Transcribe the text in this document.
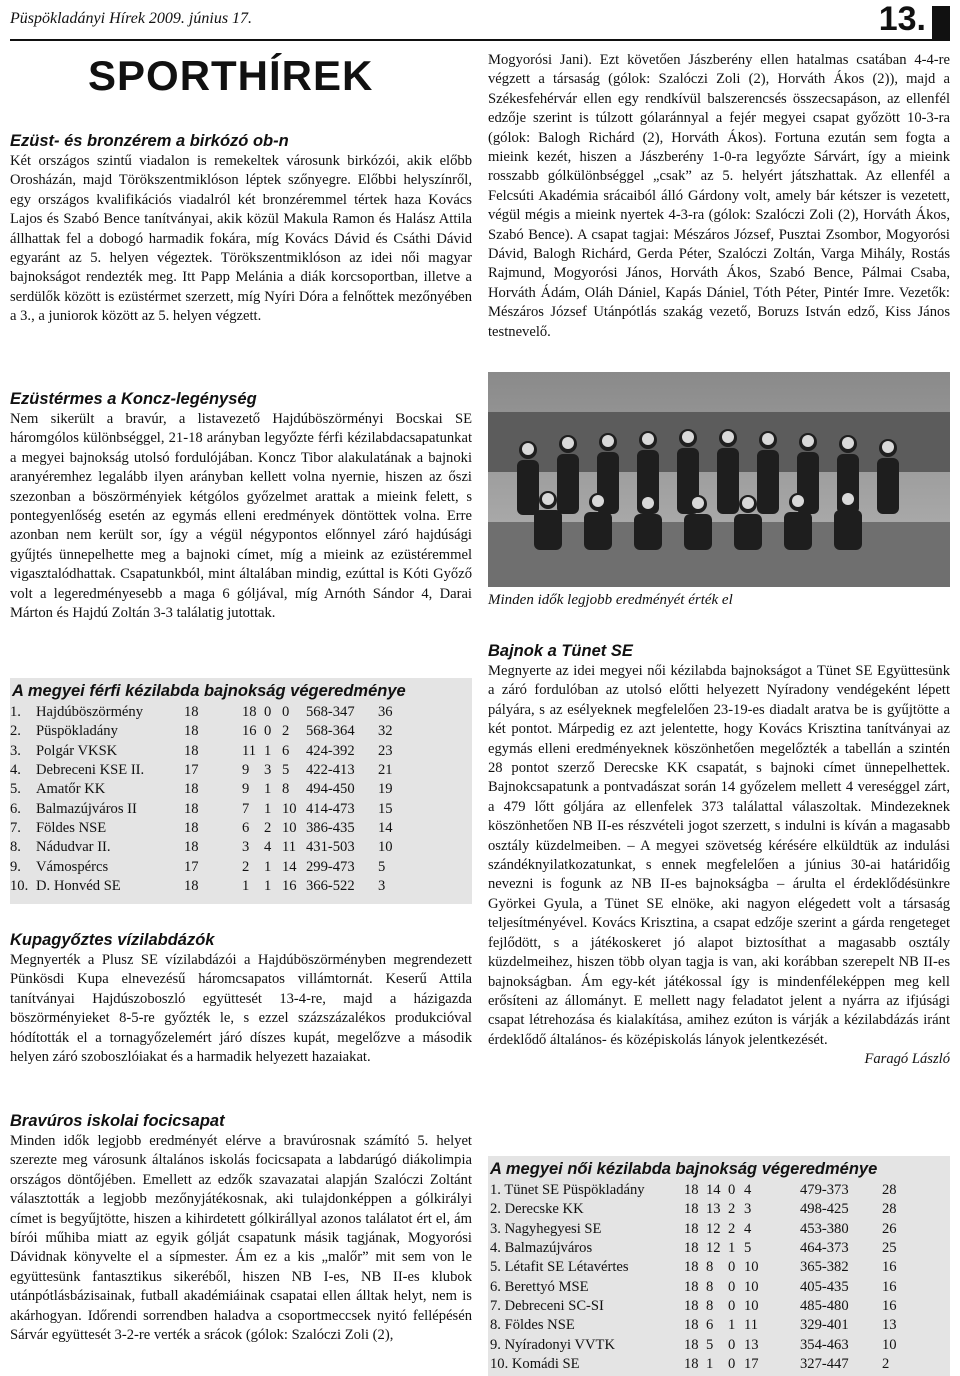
Püspökladányi Hírek 2009. június 17.	13.
SPORTHÍREK
Ezüst- és bronzérem a birkózó ob-n

Két országos szintű viadalon is remekeltek városunk birkózói, akik előbb Orosházán, majd Törökszentmiklóson léptek szőnyegre. Előbbi helyszínről, egy országos kvalifikációs viadalról két bronzéremmel tértek haza Kovács Lajos és Szabó Bence tanítványai, akik közül Makula Ramon és Halász Attila állhattak fel a dobogó harmadik fokára, míg Kovács Dávid és Csáthi Dávid egyaránt az 5. helyen végeztek. Törökszentmiklóson az idei női magyar bajnokságot rendezték meg. Itt Papp Melánia a diák korcsoportban, illetve a serdülők között is ezüstérmet szerzett, míg Nyíri Dóra a felnőttek mezőnyében a 3., a juniorok között az 5. helyen végzett.

Ezüstérmes a Koncz-legénység

Nem sikerült a bravúr, a listavezető Hajdúböszörményi Bocskai SE háromgólos különbséggel, 21-18 arányban legyőzte férfi kézilabdacsapatunkat a megyei bajnokság utolsó fordulójában. Koncz Tibor alakulatának a bajnoki aranyéremhez legalább ilyen arányban kellett volna nyernie, hiszen az őszi szezonban a böszörményiek kétgólos győzelmet arattak a mieink felett, s pontegyenlőség esetén az egymás elleni eredmények döntöttek volna. Erre azonban nem került sor, így a végül négypontos előnnyel záró hajdúsági gyűjtés ünnepelhette meg a bajnoki címet, míg a mieink az ezüstéremmel vigasztalódhattak. Csapatunkból, mint általában mindig, ezúttal is Kóti Győző volt a legeredményesebb a maga 6 góljával, míg Arnóth Sándor 4, Darai Márton és Hajdú Zoltán 3-3 találatig jutottak.

A megyei férfi kézilabda bajnokság végeredménye
1.	Hajdúböszörmény	18	18	0	0	568-347	36
2.	Püspökladány	18	16	0	2	568-364	32
3.	Polgár VKSK	18	11	1	6	424-392	23
4.	Debreceni KSE II.	17	9	3	5	422-413	21
5.	Amatőr KK	18	9	1	8	494-450	19
6.	Balmazújváros II	18	7	1	10	414-473	15
7.	Földes NSE	18	6	2	10	386-435	14
8.	Nádudvar II.	18	3	4	11	431-503	10
9.	Vámospércs	17	2	1	14	299-473	5
10.	D. Honvéd SE	18	1	1	16	366-522	3
Kupagyőztes vízilabdázók

Megnyerték a Plusz SE vízilabdázói a Hajdúböszörményben megrendezett Pünkösdi Kupa elnevezésű háromcsapatos villámtornát. Keserű Attila tanítványai Hajdúszoboszló együttesét 13-4-re, majd a házigazda böszörményieket 8-5-re győzték le, s ezzel százszázalékos produkcióval hódították el a tornagyőzelemért járó díszes kupát, megelőzve a második helyen záró szoboszlóiakat és a harmadik helyezett hazaiakat.

Bravúros iskolai focicsapat

Minden idők legjobb eredményét elérve a bravúrosnak számító 5. helyet szerezte meg városunk általános iskolás focicsapata a labdarúgó diákolimpia országos döntőjében. Emellett az edzők szavazatai alapján Szalóczi Zoltánt választották a legjobb mezőnyjátékosnak, aki tulajdonképpen a gólkirályi címet is begyűjtötte, hiszen a kihirdetett gólkirállyal azonos találatot ért el, ám bírói műhiba miatt az egyik gólját csapatunk másik tagjának, Mogyorósi Dávidnak könyvelte el a sípmester. Ám ez a kis „malőr” mit sem von le együttesünk fantasztikus sikeréből, hiszen NB I-es, NB II-es klubok utánpótlásbázisainak, futball akadémiáinak csapatai ellen álltak helyt, nem is akárhogyan. Időrendi sorrendben haladva a csoportmeccsek nyitó fellépésén Sárvár együttesét 3-2-re verték a srácok (gólok: Szalóczi Zoli (2),

Mogyorósi Jani). Ezt követően Jászberény ellen hatalmas csatában 4-4-re végzett a társaság (gólok: Szalóczi Zoli (2), Horváth Ákos (2)), majd a Székesfehérvár ellen egy rendkívül balszerencsés összecsapáson, az ellenfél edzője szerint is túlzott gólaránnyal a fejér megyei csapat győzött 10-3-ra (gólok: Balogh Richárd (2), Horváth Ákos). Fortuna ezután sem fogta a mieink kezét, hiszen a Jászberény 1-0-ra legyőzte Sárvárt, így a mieink rosszabb gólkülönbséggel „csak” az 5. helyért játszhattak. Az ellenfél a Felcsúti Akadémia srácaiból álló Gárdony volt, amely bár kétszer is vezetett, végül mégis a mieink nyertek 4-3-ra (gólok: Szalóczi Zoli (2), Horváth Ákos, Szabó Bence). A csapat tagjai: Mészáros József, Pusztai Zsombor, Mogyorósi Dávid, Balogh Richárd, Gerda Péter, Szalóczi Zoltán, Varga Mihály, Rostás Rajmund, Mogyorósi János, Horváth Ákos, Szabó Bence, Pálmai Csaba, Horváth Ádám, Oláh Dániel, Kapás Dániel, Tóth Péter, Pintér Imre. Vezetők: Mészáros József Utánpótlás szakág vezető, Boruzs István edző, Kiss János testnevelő.

Minden idők legjobb eredményét érték el
Bajnok a Tünet SE

Megnyerte az idei megyei női kézilabda bajnokságot a Tünet SE Együttesünk a záró fordulóban az utolsó előtti helyezett Nyíradony vendégeként lépett pályára, s az esélyeknek megfelelően 23-19-es diadalt aratva be is gyűjtötte a két pontot. Márpedig ez azt jelentette, hogy Kovács Krisztina tanítványai az egymás elleni eredményeknek köszönhetően megelőzték a tabellán a szintén 28 pontot szerző Derecske KK csapatát, s bajnoki címet ünnepelhettek. Bajnokcsapatunk a pontvadászat során 14 győzelem mellett 4 vereséggel zárt, a 479 lőtt góljára az ellenfelek 373 találattal válaszoltak. Mindezeknek köszönhetően NB II-es részvételi jogot szerzett, s indulni is kíván a magasabb osztály küzdelmeiben. – A megyei szövetség kérésére elküldtük az indulási szándéknyilatkozatunkat, s ennek megfelelően a június 30-ai határidőig nevezni is fogunk az NB II-es bajnokságba – árulta el érdeklődésünkre Györkei Gyula, a Tünet SE elnöke, aki nagyon elégedett volt a társaság teljesítményével. Kovács Krisztina, a csapat edzője szerint a gárda rengeteget fejlődött, s a játékoskeret jó alapot biztosíthat a magasabb osztály küzdelmeihez, hiszen több olyan tagja is van, aki korábban szerepelt NB II-es bajnokságban. Ám egy-két játékossal így is mindenféleképpen meg kell erősíteni az állományt. E mellett nagy feladatot jelent a nyárra az ifjúsági csapat létrehozása és kialakítása, amihez ezúton is várják a kézilabdázás iránt érdeklődő általános- és középiskolás lányok jelentkezését.

Faragó László

A megyei női kézilabda bajnokság végeredménye
1. Tünet SE Püspökladány	18	14	0	4	479-373	28
2. Derecske KK	18	13	2	3	498-425	28
3. Nagyhegyesi SE	18	12	2	4	453-380	26
4. Balmazújváros	18	12	1	5	464-373	25
5. Létafit SE Létavértes	18	8	0	10	365-382	16
6. Berettyó MSE	18	8	0	10	405-435	16
7. Debreceni SC-SI	18	8	0	10	485-480	16
8. Földes NSE	18	6	1	11	329-401	13
9. Nyíradonyi VVTK	18	5	0	13	354-463	10
10. Komádi SE	18	1	0	17	327-447	2
